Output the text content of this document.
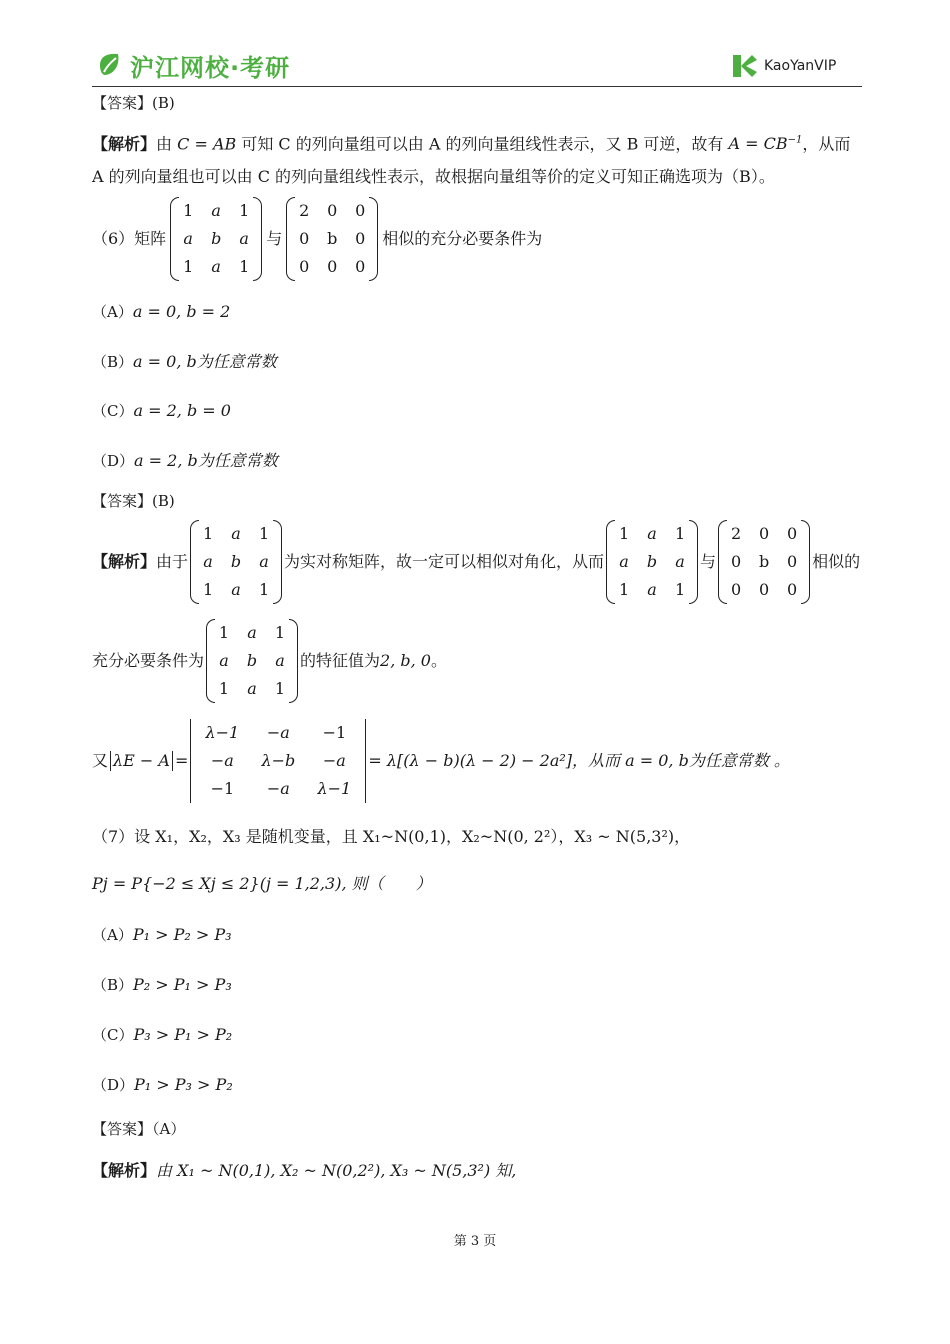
沪江网校·考研	KaoYanVIP
【答案】(B)
【解析】由 C = AB 可知 C 的列向量组可以由 A 的列向量组线性表示，又 B 可逆，故有 $A = CB^{-1}$，从而
A 的列向量组也可以由 C 的列向量组线性表示，故根据向量组等价的定义可知正确选项为（B）。
（6）矩阵
1	a	1
a	b	a
1	a	1
与
2	0	0
0	b	0
0	0	0
相似的充分必要条件为
（A）a = 0, b = 2
（B）a = 0, b为任意常数
（C）a = 2, b = 0
（D）a = 2, b为任意常数
【答案】(B)
【解析】 由于
1	a	1
a	b	a
1	a	1
为实对称矩阵，故一定可以相似对角化，从而
1	a	1
a	b	a
1	a	1
与
2	0	0
0	b	0
0	0	0
相似的
充分必要条件为
1	a	1
a	b	a
1	a	1
的特征值为 2, b, 0 。
又 λE − A =
λ−1	−a	−1
−a	λ−b	−a
−1	−a	λ−1
= λ[(λ − b)(λ − 2) − 2a²]，从而 a = 0, b为任意常数 。
（7）设 X₁，X₂，X₃ 是随机变量，且 X₁~N(0,1)，X₂~N(0, 2²），X₃ ~ N(5,3²)，
Pj = P{−2 ≤ Xj ≤ 2}(j = 1,2,3), 则（　　）
（A）P₁ > P₂ > P₃
（B）P₂ > P₁ > P₃
（C）P₃ > P₁ > P₂
（D）P₁ > P₃ > P₂
【答案】（A）
【解析】由 X₁ ~ N(0,1), X₂ ~ N(0,2²), X₃ ~ N(5,3²) 知,
第 3 页
